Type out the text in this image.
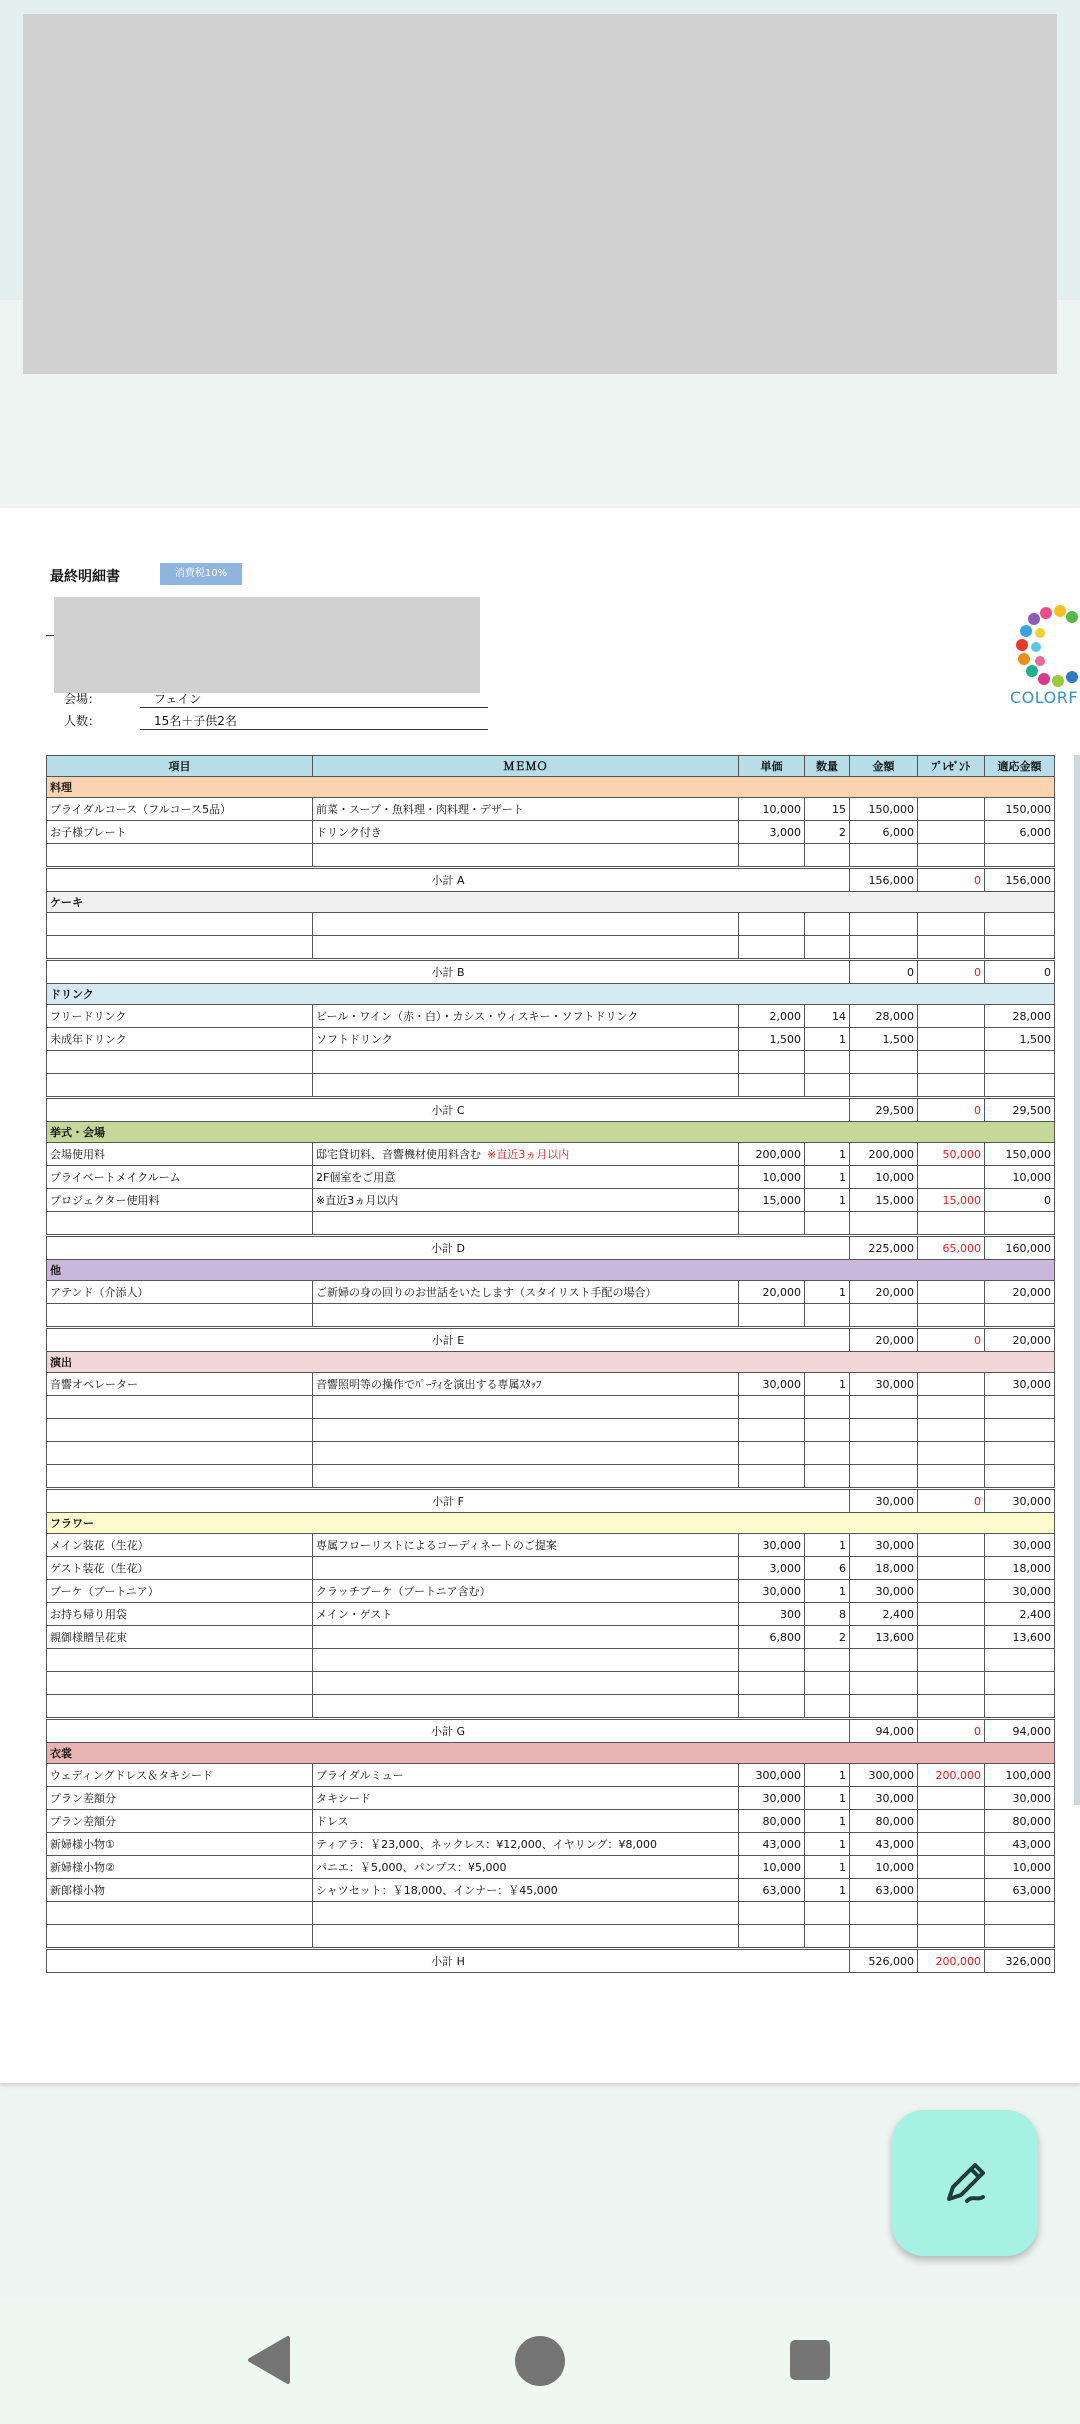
最終明細書	消費税10%
会場：	フェイン
人数：	15名＋子供2名
COLORF
項目	ＭＥＭＯ	単価	数量	金額	ﾌﾟﾚｾﾞﾝﾄ	適応金額
料理						
ブライダルコース（フルコース5品）	前菜・スープ・魚料理・肉料理・デザート	10,000	15	150,000		150,000
お子様プレート	ドリンク付き	3,000	2	6,000		6,000

小計 A				156,000	0	156,000
ケーキ						

小計 B				0	0	0
ドリンク						
フリードリンク	ビール・ワイン（赤・白）・カシス・ウィスキー・ソフトドリンク	2,000	14	28,000		28,000
未成年ドリンク	ソフトドリンク	1,500	1	1,500		1,500

小計 C				29,500	0	29,500
挙式・会場						
会場使用料	邸宅貸切料、音響機材使用料含む ※直近3ヵ月以内	200,000	1	200,000	50,000	150,000
プライベートメイクルーム	2F個室をご用意	10,000	1	10,000		10,000
プロジェクター使用料	※直近3ヵ月以内	15,000	1	15,000	15,000	0

小計 D				225,000	65,000	160,000
他						
アテンド（介添人）	ご新婦の身の回りのお世話をいたします（スタイリスト手配の場合）	20,000	1	20,000		20,000

小計 E				20,000	0	20,000
演出						
音響オペレーター	音響照明等の操作でﾊﾟｰﾃｨを演出する専属ｽﾀｯﾌ	30,000	1	30,000		30,000

小計 F				30,000	0	30,000
フラワー						
メイン装花（生花）	専属フローリストによるコーディネートのご提案	30,000	1	30,000		30,000
ゲスト装花（生花）		3,000	6	18,000		18,000
ブーケ（ブートニア）	クラッチブーケ（ブートニア含む）	30,000	1	30,000		30,000
お持ち帰り用袋	メイン・ゲスト	300	8	2,400		2,400
親御様贈呈花束		6,800	2	13,600		13,600

小計 G				94,000	0	94,000
衣裳						
ウェディングドレス＆タキシード	ブライダルミュー	300,000	1	300,000	200,000	100,000
プラン差額分	タキシード	30,000	1	30,000		30,000
プラン差額分	ドレス	80,000	1	80,000		80,000
新婦様小物①	ティアラ：￥23,000、ネックレス：¥12,000、イヤリング：¥8,000	43,000	1	43,000		43,000
新婦様小物②	パニエ：￥5,000、パンプス：¥5,000	10,000	1	10,000		10,000
新郎様小物	シャツセット：￥18,000、インナー：￥45,000	63,000	1	63,000		63,000

小計 H				526,000	200,000	326,000
